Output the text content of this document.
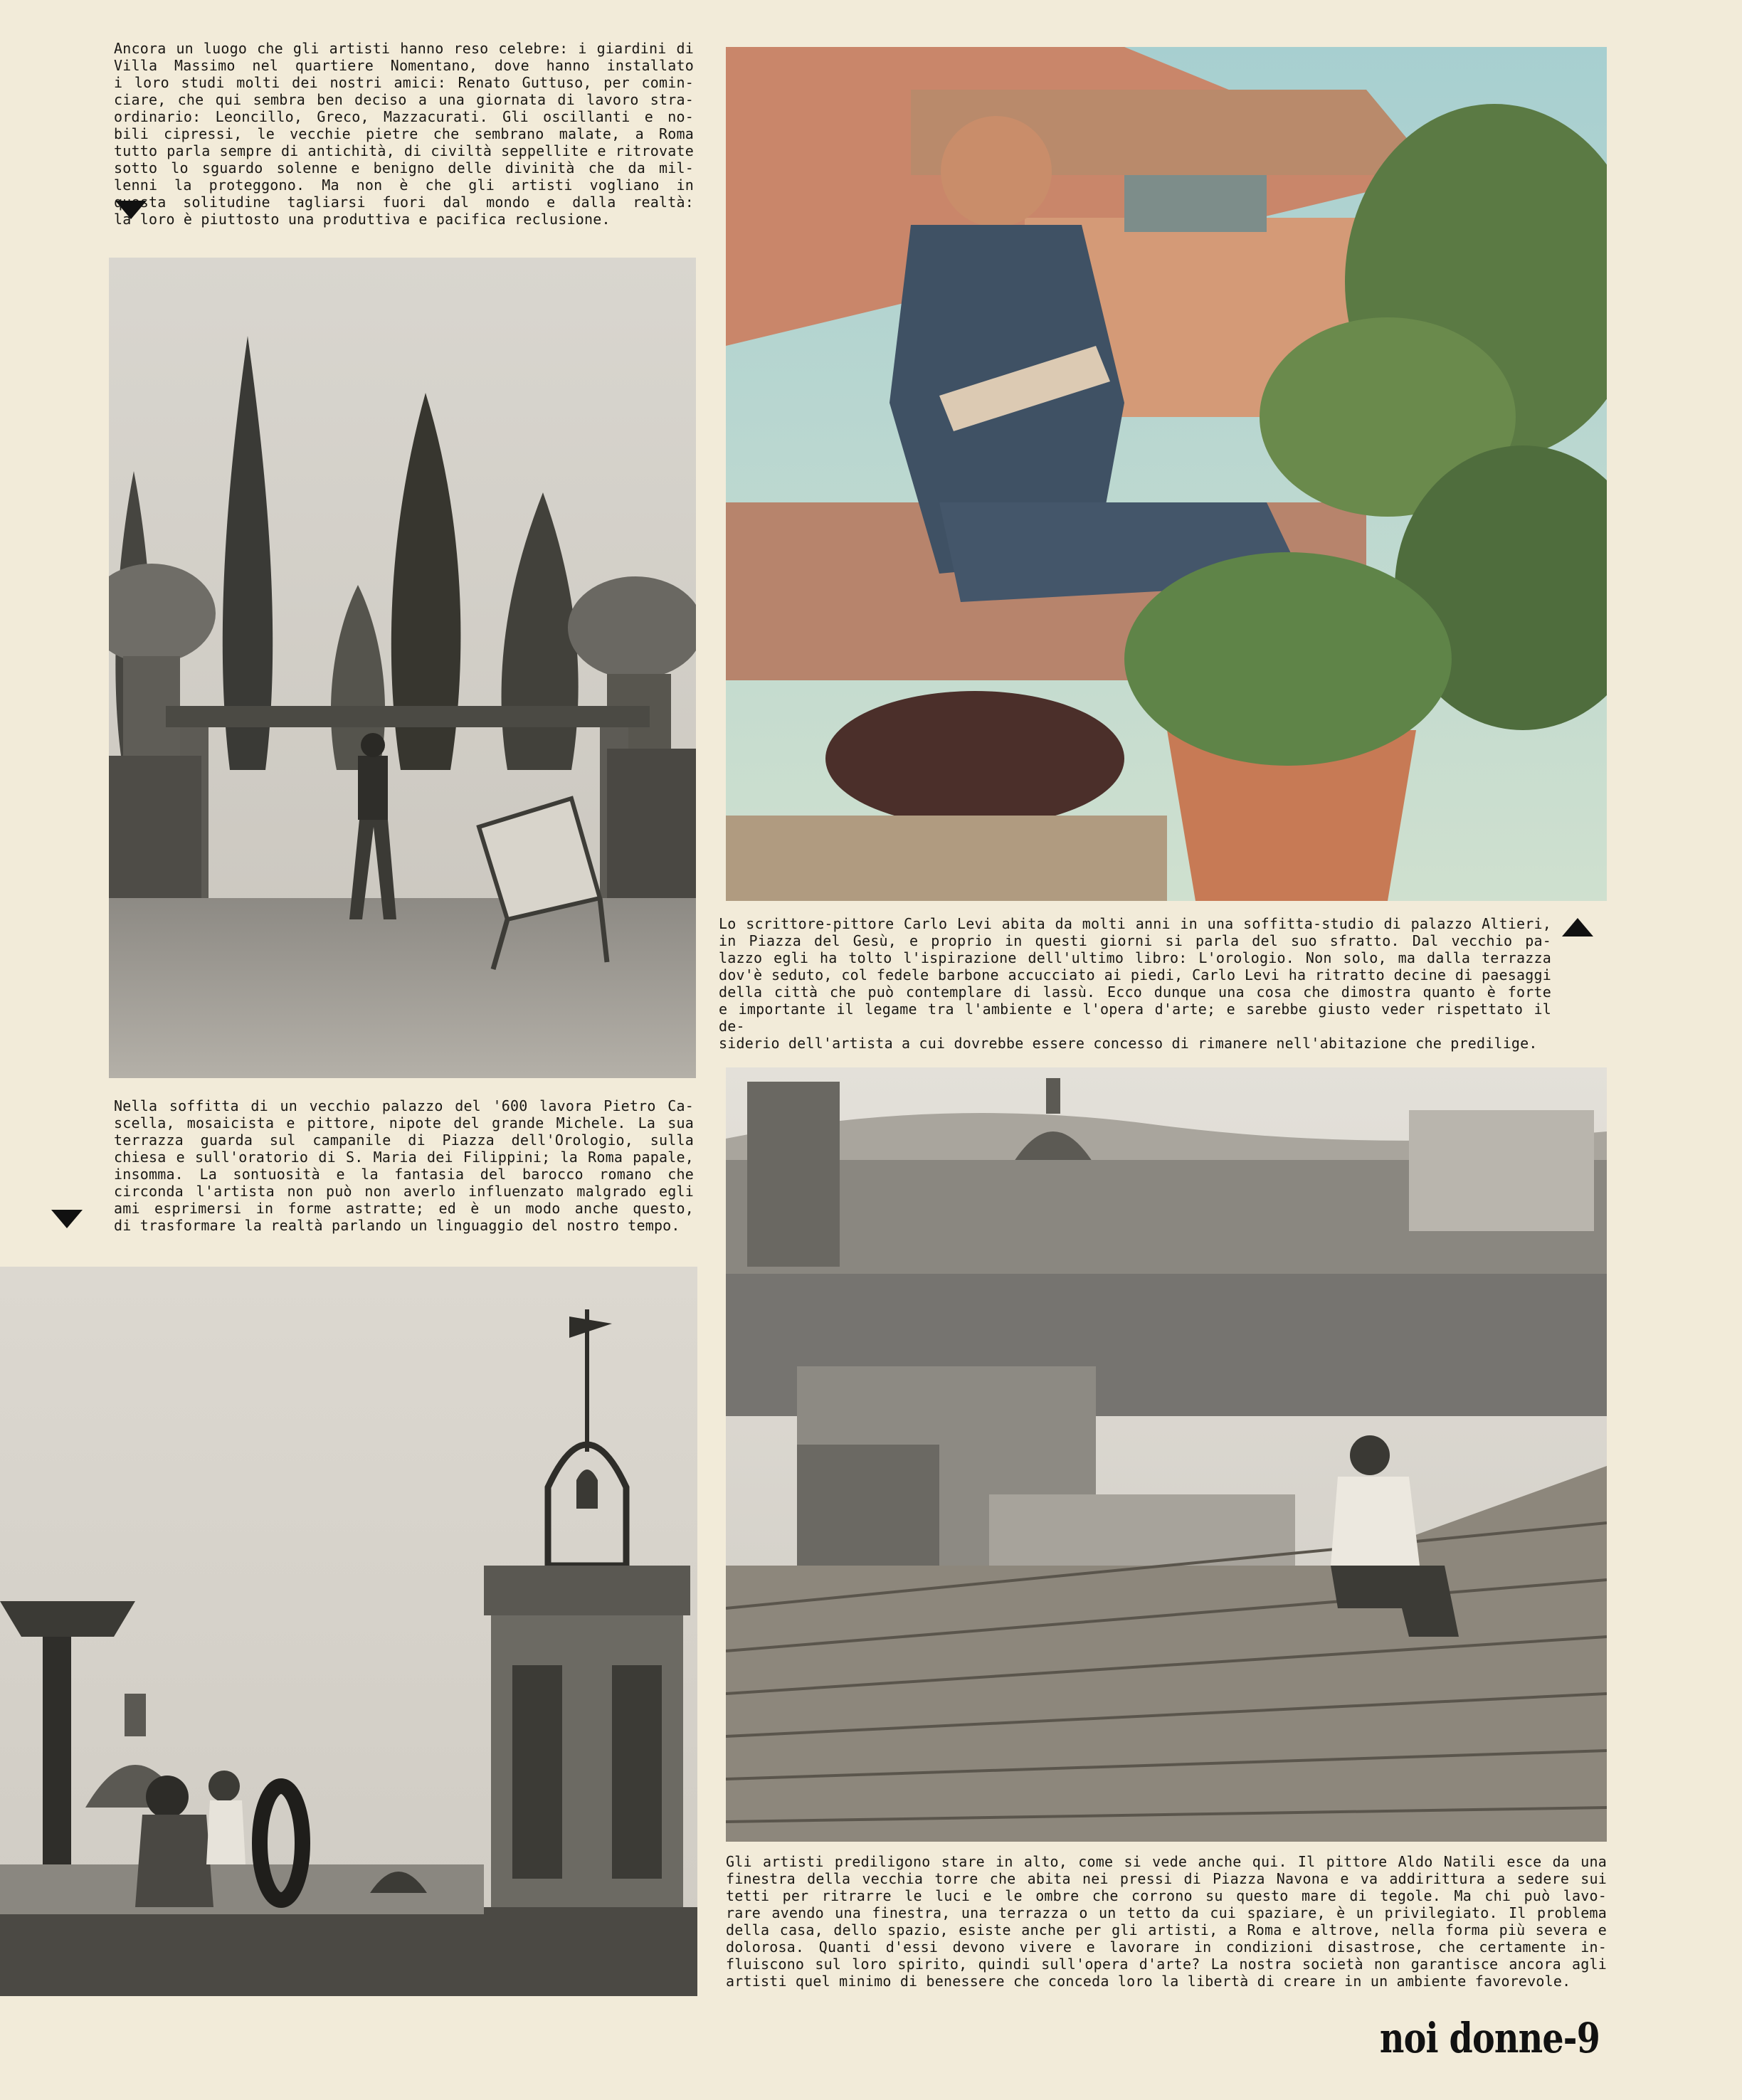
Ancora un luogo che gli artisti hanno reso celebre: i giardini di

Villa Massimo nel quartiere Nomentano, dove hanno installato

i loro studi molti dei nostri amici: Renato Guttuso, per comin-

ciare, che qui sembra ben deciso a una giornata di lavoro stra-

ordinario: Leoncillo, Greco, Mazzacurati. Gli oscillanti e no-

bili cipressi, le vecchie pietre che sembrano malate, a Roma

tutto parla sempre di antichità, di civiltà seppellite e ritrovate

sotto lo sguardo solenne e benigno delle divinità che da mil-

lenni la proteggono. Ma non è che gli artisti vogliano in

questa solitudine tagliarsi fuori dal mondo e dalla realtà:

la loro è piuttosto una produttiva e pacifica reclusione.

Lo scrittore-pittore Carlo Levi abita da molti anni in una soffitta-studio di palazzo Altieri,

in Piazza del Gesù, e proprio in questi giorni si parla del suo sfratto. Dal vecchio pa-

lazzo egli ha tolto l'ispirazione dell'ultimo libro: L'orologio. Non solo, ma dalla terrazza

dov'è seduto, col fedele barbone accucciato ai piedi, Carlo Levi ha ritratto decine di paesaggi

della città che può contemplare di lassù. Ecco dunque una cosa che dimostra quanto è forte

e importante il legame tra l'ambiente e l'opera d'arte; e sarebbe giusto veder rispettato il de-

siderio dell'artista a cui dovrebbe essere concesso di rimanere nell'abitazione che predilige.

Nella soffitta di un vecchio palazzo del '600 lavora Pietro Ca-

scella, mosaicista e pittore, nipote del grande Michele. La sua

terrazza guarda sul campanile di Piazza dell'Orologio, sulla

chiesa e sull'oratorio di S. Maria dei Filippini; la Roma papale,

insomma. La sontuosità e la fantasia del barocco romano che

circonda l'artista non può non averlo influenzato malgrado egli

ami esprimersi in forme astratte; ed è un modo anche questo,

di trasformare la realtà parlando un linguaggio del nostro tempo.

Gli artisti prediligono stare in alto, come si vede anche qui. Il pittore Aldo Natili esce da una

finestra della vecchia torre che abita nei pressi di Piazza Navona e va addirittura a sedere sui

tetti per ritrarre le luci e le ombre che corrono su questo mare di tegole. Ma chi può lavo-

rare avendo una finestra, una terrazza o un tetto da cui spaziare, è un privilegiato. Il problema

della casa, dello spazio, esiste anche per gli artisti, a Roma e altrove, nella forma più severa e

dolorosa. Quanti d'essi devono vivere e lavorare in condizioni disastrose, che certamente in-

fluiscono sul loro spirito, quindi sull'opera d'arte? La nostra società non garantisce ancora agli

artisti quel minimo di benessere che conceda loro la libertà di creare in un ambiente favorevole.

noi donne-9
